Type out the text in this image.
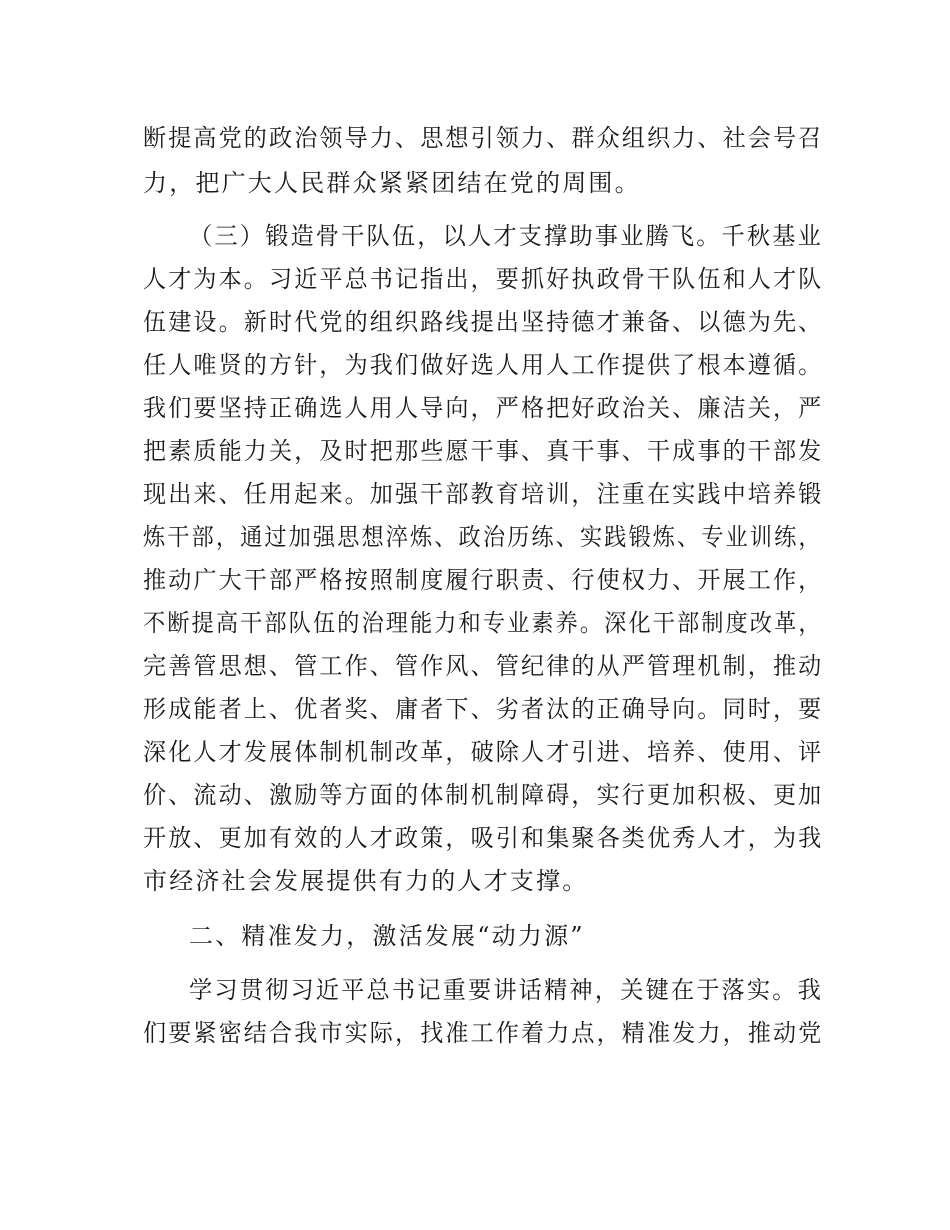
断提高党的政治领导力、思想引领力、群众组织力、社会号召
力，把广大人民群众紧紧团结在党的周围。
（三）锻造骨干队伍，以人才支撑助事业腾飞。千秋基业
人才为本。习近平总书记指出，要抓好执政骨干队伍和人才队
伍建设。新时代党的组织路线提出坚持德才兼备、以德为先、
任人唯贤的方针，为我们做好选人用人工作提供了根本遵循。
我们要坚持正确选人用人导向，严格把好政治关、廉洁关，严
把素质能力关，及时把那些愿干事、真干事、干成事的干部发
现出来、任用起来。加强干部教育培训，注重在实践中培养锻
炼干部，通过加强思想淬炼、政治历练、实践锻炼、专业训练，
推动广大干部严格按照制度履行职责、行使权力、开展工作，
不断提高干部队伍的治理能力和专业素养。深化干部制度改革，
完善管思想、管工作、管作风、管纪律的从严管理机制，推动
形成能者上、优者奖、庸者下、劣者汰的正确导向。同时，要
深化人才发展体制机制改革，破除人才引进、培养、使用、评
价、流动、激励等方面的体制机制障碍，实行更加积极、更加
开放、更加有效的人才政策，吸引和集聚各类优秀人才，为我
市经济社会发展提供有力的人才支撑。
二、精准发力，激活发展“动力源”
学习贯彻习近平总书记重要讲话精神，关键在于落实。我
们要紧密结合我市实际，找准工作着力点，精准发力，推动党
